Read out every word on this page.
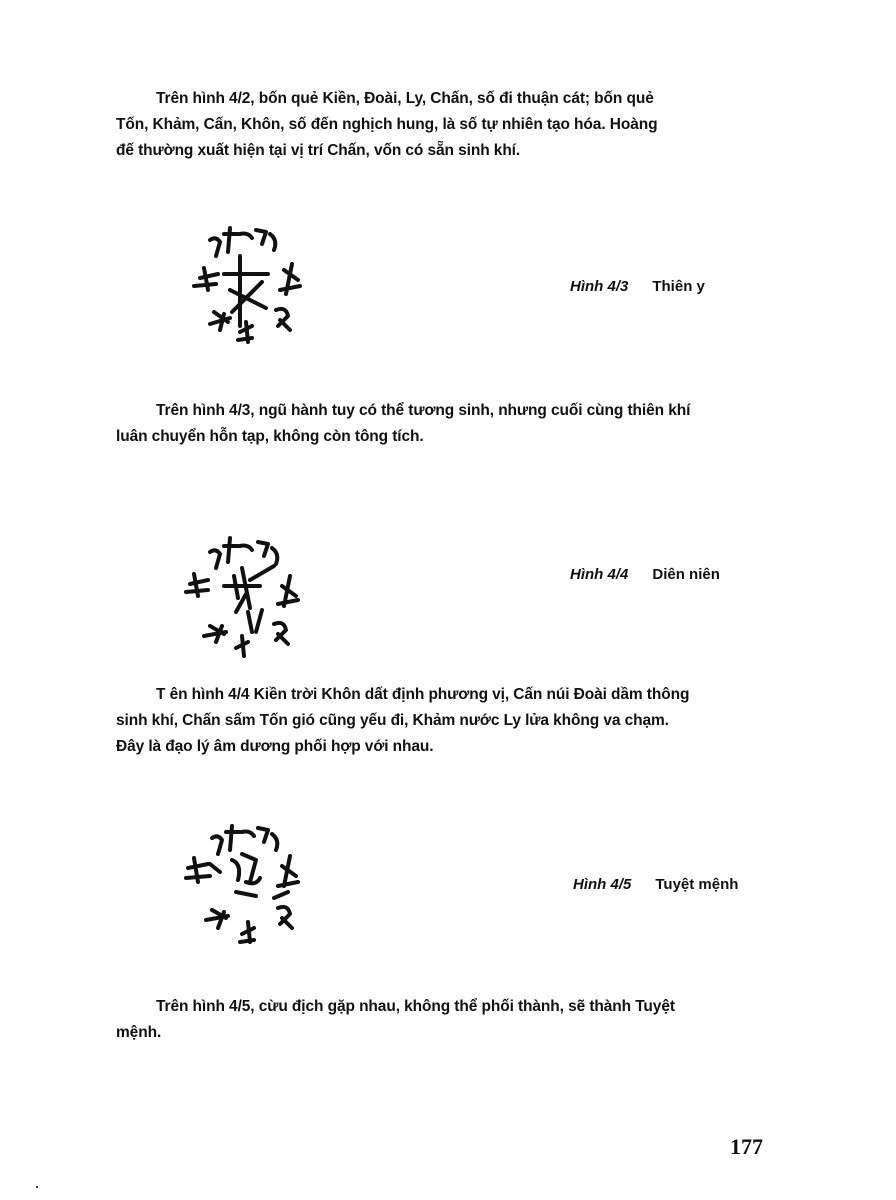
Trên hình 4/2, bốn quẻ Kiền, Đoài, Ly, Chấn, số đi thuận cát; bốn quẻ
Tốn, Khảm, Cấn, Khôn, số đến nghịch hung, là số tự nhiên tạo hóa. Hoàng
đế thường xuất hiện tại vị trí Chấn, vốn có sẵn sinh khí.
Hình 4/3 Thiên y
Trên hình 4/3, ngũ hành tuy có thể tương sinh, nhưng cuối cùng thiên khí
luân chuyển hỗn tạp, không còn tông tích.
Hình 4/4 Diên niên
T ên hình 4/4 Kiền trời Khôn dất định phương vị, Cấn núi Đoài dầm thông
sinh khí, Chấn sấm Tốn gió cũng yếu đi, Khảm nước Ly lửa không va chạm.
Đây là đạo lý âm dương phối hợp với nhau.
Hình 4/5 Tuyệt mệnh
Trên hình 4/5, cừu địch gặp nhau, không thể phối thành, sẽ thành Tuyệt
mệnh.
177
